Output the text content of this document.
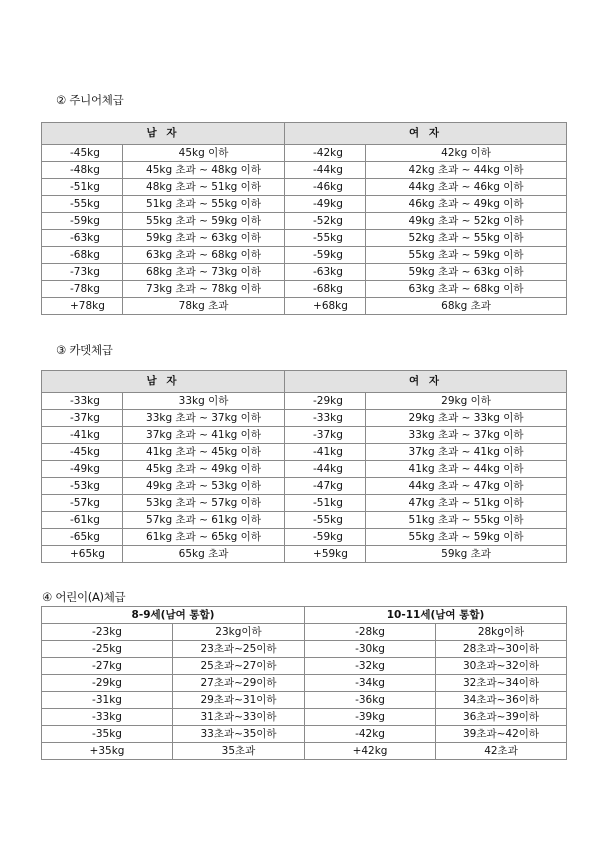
② 주니어체급
남 자		여 자	
-45kg	45kg 이하	-42kg	42kg 이하
-48kg	45kg 초과 ~ 48kg 이하	-44kg	42kg 초과 ~ 44kg 이하
-51kg	48kg 초과 ~ 51kg 이하	-46kg	44kg 초과 ~ 46kg 이하
-55kg	51kg 초과 ~ 55kg 이하	-49kg	46kg 초과 ~ 49kg 이하
-59kg	55kg 초과 ~ 59kg 이하	-52kg	49kg 초과 ~ 52kg 이하
-63kg	59kg 초과 ~ 63kg 이하	-55kg	52kg 초과 ~ 55kg 이하
-68kg	63kg 초과 ~ 68kg 이하	-59kg	55kg 초과 ~ 59kg 이하
-73kg	68kg 초과 ~ 73kg 이하	-63kg	59kg 초과 ~ 63kg 이하
-78kg	73kg 초과 ~ 78kg 이하	-68kg	63kg 초과 ~ 68kg 이하
+78kg	78kg 초과	+68kg	68kg 초과
③ 카뎃체급
남 자		여 자	
-33kg	33kg 이하	-29kg	29kg 이하
-37kg	33kg 초과 ~ 37kg 이하	-33kg	29kg 초과 ~ 33kg 이하
-41kg	37kg 초과 ~ 41kg 이하	-37kg	33kg 초과 ~ 37kg 이하
-45kg	41kg 초과 ~ 45kg 이하	-41kg	37kg 초과 ~ 41kg 이하
-49kg	45kg 초과 ~ 49kg 이하	-44kg	41kg 초과 ~ 44kg 이하
-53kg	49kg 초과 ~ 53kg 이하	-47kg	44kg 초과 ~ 47kg 이하
-57kg	53kg 초과 ~ 57kg 이하	-51kg	47kg 초과 ~ 51kg 이하
-61kg	57kg 초과 ~ 61kg 이하	-55kg	51kg 초과 ~ 55kg 이하
-65kg	61kg 초과 ~ 65kg 이하	-59kg	55kg 초과 ~ 59kg 이하
+65kg	65kg 초과	+59kg	59kg 초과
④ 어린이(A)체급
8-9세(남여 통합)		10-11세(남여 통합)	
-23kg	23kg이하	-28kg	28kg이하
-25kg	23초과~25이하	-30kg	28초과~30이하
-27kg	25초과~27이하	-32kg	30초과~32이하
-29kg	27초과~29이하	-34kg	32초과~34이하
-31kg	29초과~31이하	-36kg	34초과~36이하
-33kg	31초과~33이하	-39kg	36초과~39이하
-35kg	33초과~35이하	-42kg	39초과~42이하
+35kg	35초과	+42kg	42초과
